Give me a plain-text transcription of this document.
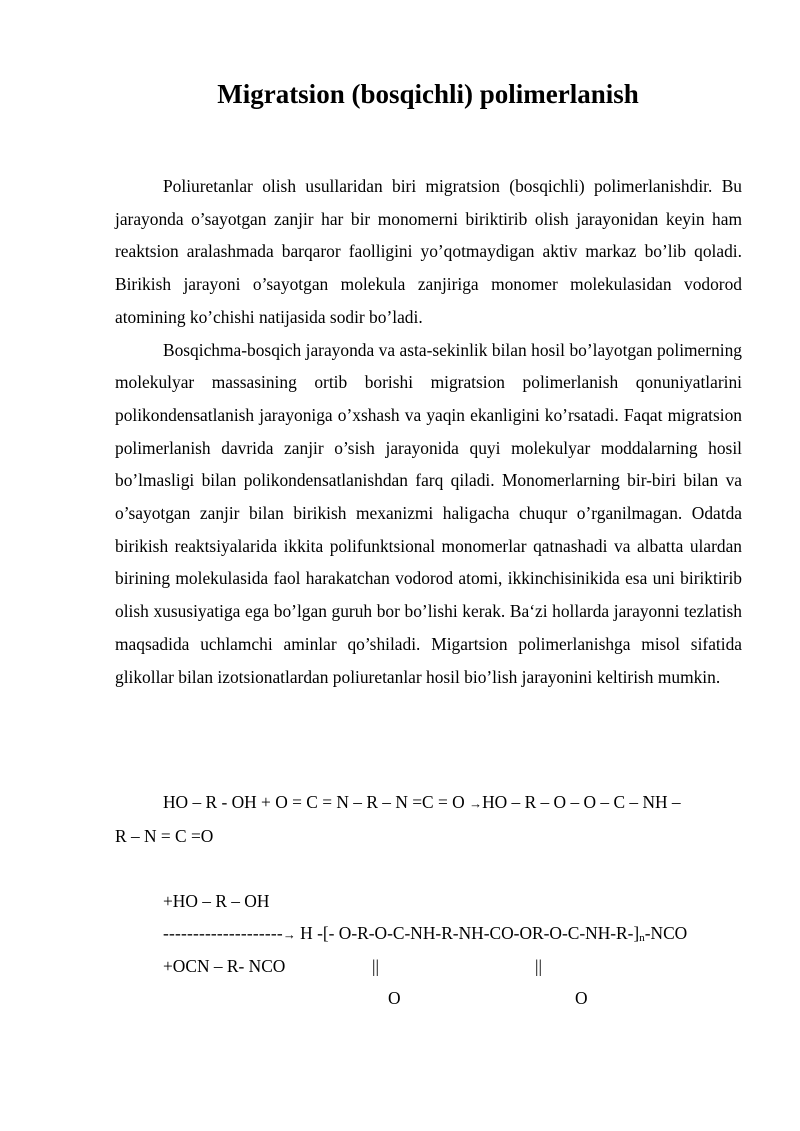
Migratsion (bosqichli) polimerlanish

Poliuretanlar olish usullaridan biri migratsion (bosqichli) polimerlanishdir. Bu jarayonda o’sayotgan zanjir har bir monomerni biriktirib olish jarayonidan keyin ham reaktsion aralashmada barqaror faolligini yo’qotmaydigan aktiv markaz bo’lib qoladi. Birikish jarayoni o’sayotgan molekula zanjiriga monomer molekulasidan vodorod atomining ko’chishi natijasida sodir bo’ladi.

Bosqichma-bosqich jarayonda va asta-sekinlik bilan hosil bo’layotgan polimerning molekulyar massasining ortib borishi migratsion polimerlanish qonuniyatlarini polikondensatlanish jarayoniga o’xshash va yaqin ekanligini ko’rsatadi. Faqat migratsion polimerlanish davrida zanjir o’sish jarayonida quyi molekulyar moddalarning hosil bo’lmasligi bilan polikondensatlanishdan farq qiladi. Monomerlarning bir-biri bilan va o’sayotgan zanjir bilan birikish mexanizmi haligacha chuqur o’rganilmagan. Odatda birikish reaktsiyalarida ikkita polifunktsional monomerlar qatnashadi va albatta ulardan birining molekulasida faol harakatchan vodorod atomi, ikkinchisinikida esa uni biriktirib olish xususiyatiga ega bo’lgan guruh bor bo’lishi kerak. Ba‘zi hollarda jarayonni tezlatish maqsadida uchlamchi aminlar qo’shiladi. Migartsion polimerlanishga misol sifatida glikollar bilan izotsionatlardan poliuretanlar hosil bio’lish jarayonini keltirish mumkin.

HO – R - OH + O = C = N – R – N =C = O →HO – R – O – O – C – NH –
R – N = C =O
+HO – R – OH
--------------------→ H -[- $O-R-O-C-NH-R-NH-CO-OR-O-C-NH-R-]_n$-NCO
+OCN – R- NCO	||	||
O	O
